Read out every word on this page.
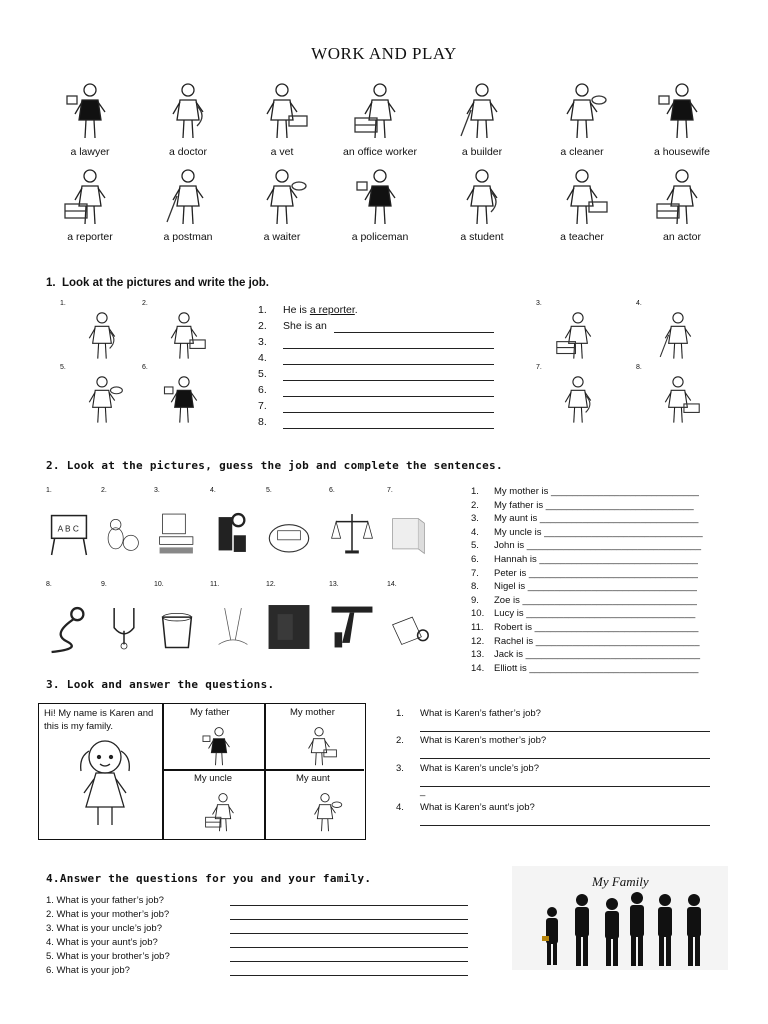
WORK AND PLAY
a lawyer	a doctor	a vet	an office worker	a builder	a cleaner	a housewife
a reporter	a postman	a waiter	a policeman	a student	a teacher	an actor
1. Look at the pictures and write the job.
1.	2.	3.	4.
5.	6.	7.	8.
1. He is a reporter.
2. She is an
3.
4.
5.
6.
7.
8.
2. Look at the pictures, guess the job and complete the sentences.
1.
A B C
2.	3.	4.	5.	6.	7.
8.	9.	10.	11.	12.	13.	14.
1. My mother is ____________________________
2. My father is ____________________________
3. My aunt is ______________________________
4. My uncle is ______________________________
5. John is _________________________________
6. Hannah is ______________________________
7. Peter is ________________________________
8. Nigel is ________________________________
9. Zoe is _________________________________
10. Lucy is ________________________________
11. Robert is _______________________________
12. Rachel is _______________________________
13. Jack is _________________________________
14. Elliott is ________________________________
3. Look and answer the questions.
Hi! My name is Karen and this is my family.
My father	My mother
My uncle	My aunt
1. What is Karen’s father’s job?
2. What is Karen’s mother’s job?
3. What is Karen’s uncle’s job?
4. What is Karen’s aunt’s job?
_
4.Answer the questions for you and your family.
1. What is your father’s job?
2. What is your mother’s job?
3. What is your uncle’s job?
4. What is your aunt’s job?
5. What is your brother’s job?
6. What is your job?
My Family
